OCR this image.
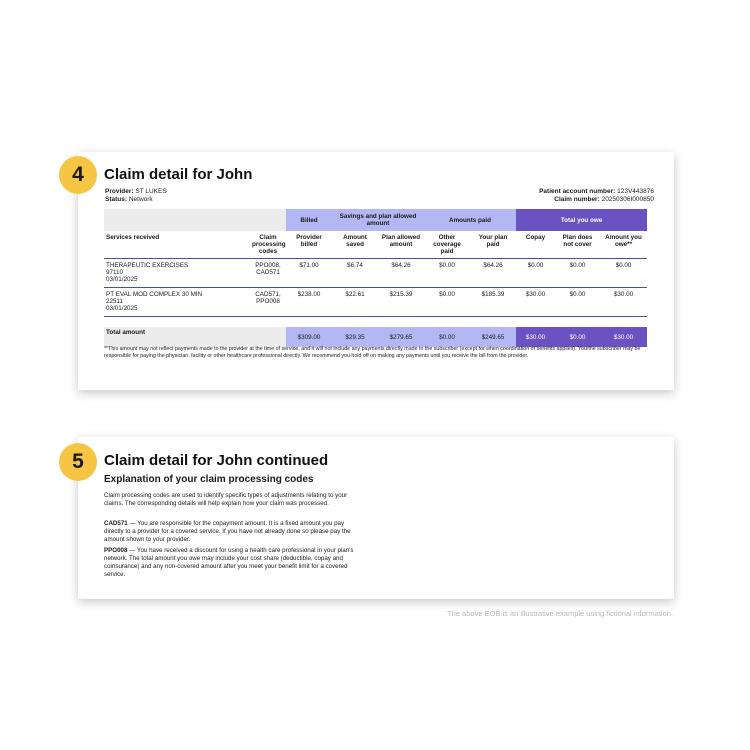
4	Claim detail for John
Provider: ST LUKES
Status: Network
Patient account number: 123V443876
Claim number: 20250306I000850
		Billed	Savings and plan allowed amount		Amounts paid		Total you owe		
Services received	Claim processing codes	Provider billed	Amount saved	Plan allowed amount	Other coverage paid	Your plan paid	Copay	Plan does not cover	Amount you owe**

THERAPEUTIC EXERCISES
97110
03/01/2025	PPO008, CAD571	$71.00	$6.74	$64.26	$0.00	$64.26	$0.00	$0.00	$0.00

PT EVAL MOD COMPLEX 30 MIN
22511
03/01/2025	CAD571, PPO008	$238.00	$22.61	$215.39	$0.00	$185.39	$30.00	$0.00	$30.00

Total amount		$309.00	$29.35	$279.65	$0.00	$249.65	$30.00	$0.00	$30.00
**This amount may not reflect payments made to the provider at the time of service, and it will not include any payments directly made to the subscriber (except for when coordination of benefits applies). You/the subscriber may be responsible for paying the physician, facility or other healthcare professional directly. We recommend you hold off on making any payments until you receive the bill from the provider.
5	Claim detail for John continued
Explanation of your claim processing codes
Claim processing codes are used to identify specific types of adjustments relating to your claims. The corresponding details will help explain how your claim was processed.
CAD571 — You are responsible for the copayment amount. It is a fixed amount you pay directly to a provider for a covered service. If you have not already done so please pay the amount shown to your provider.
PPO008 — You have received a discount for using a health care professional in your plan's network. The total amount you owe may include your cost share (deductible, copay and coinsurance) and any non-covered amount after you meet your benefit limit for a covered service.
The above EOB is an illustrative example using fictional information.
